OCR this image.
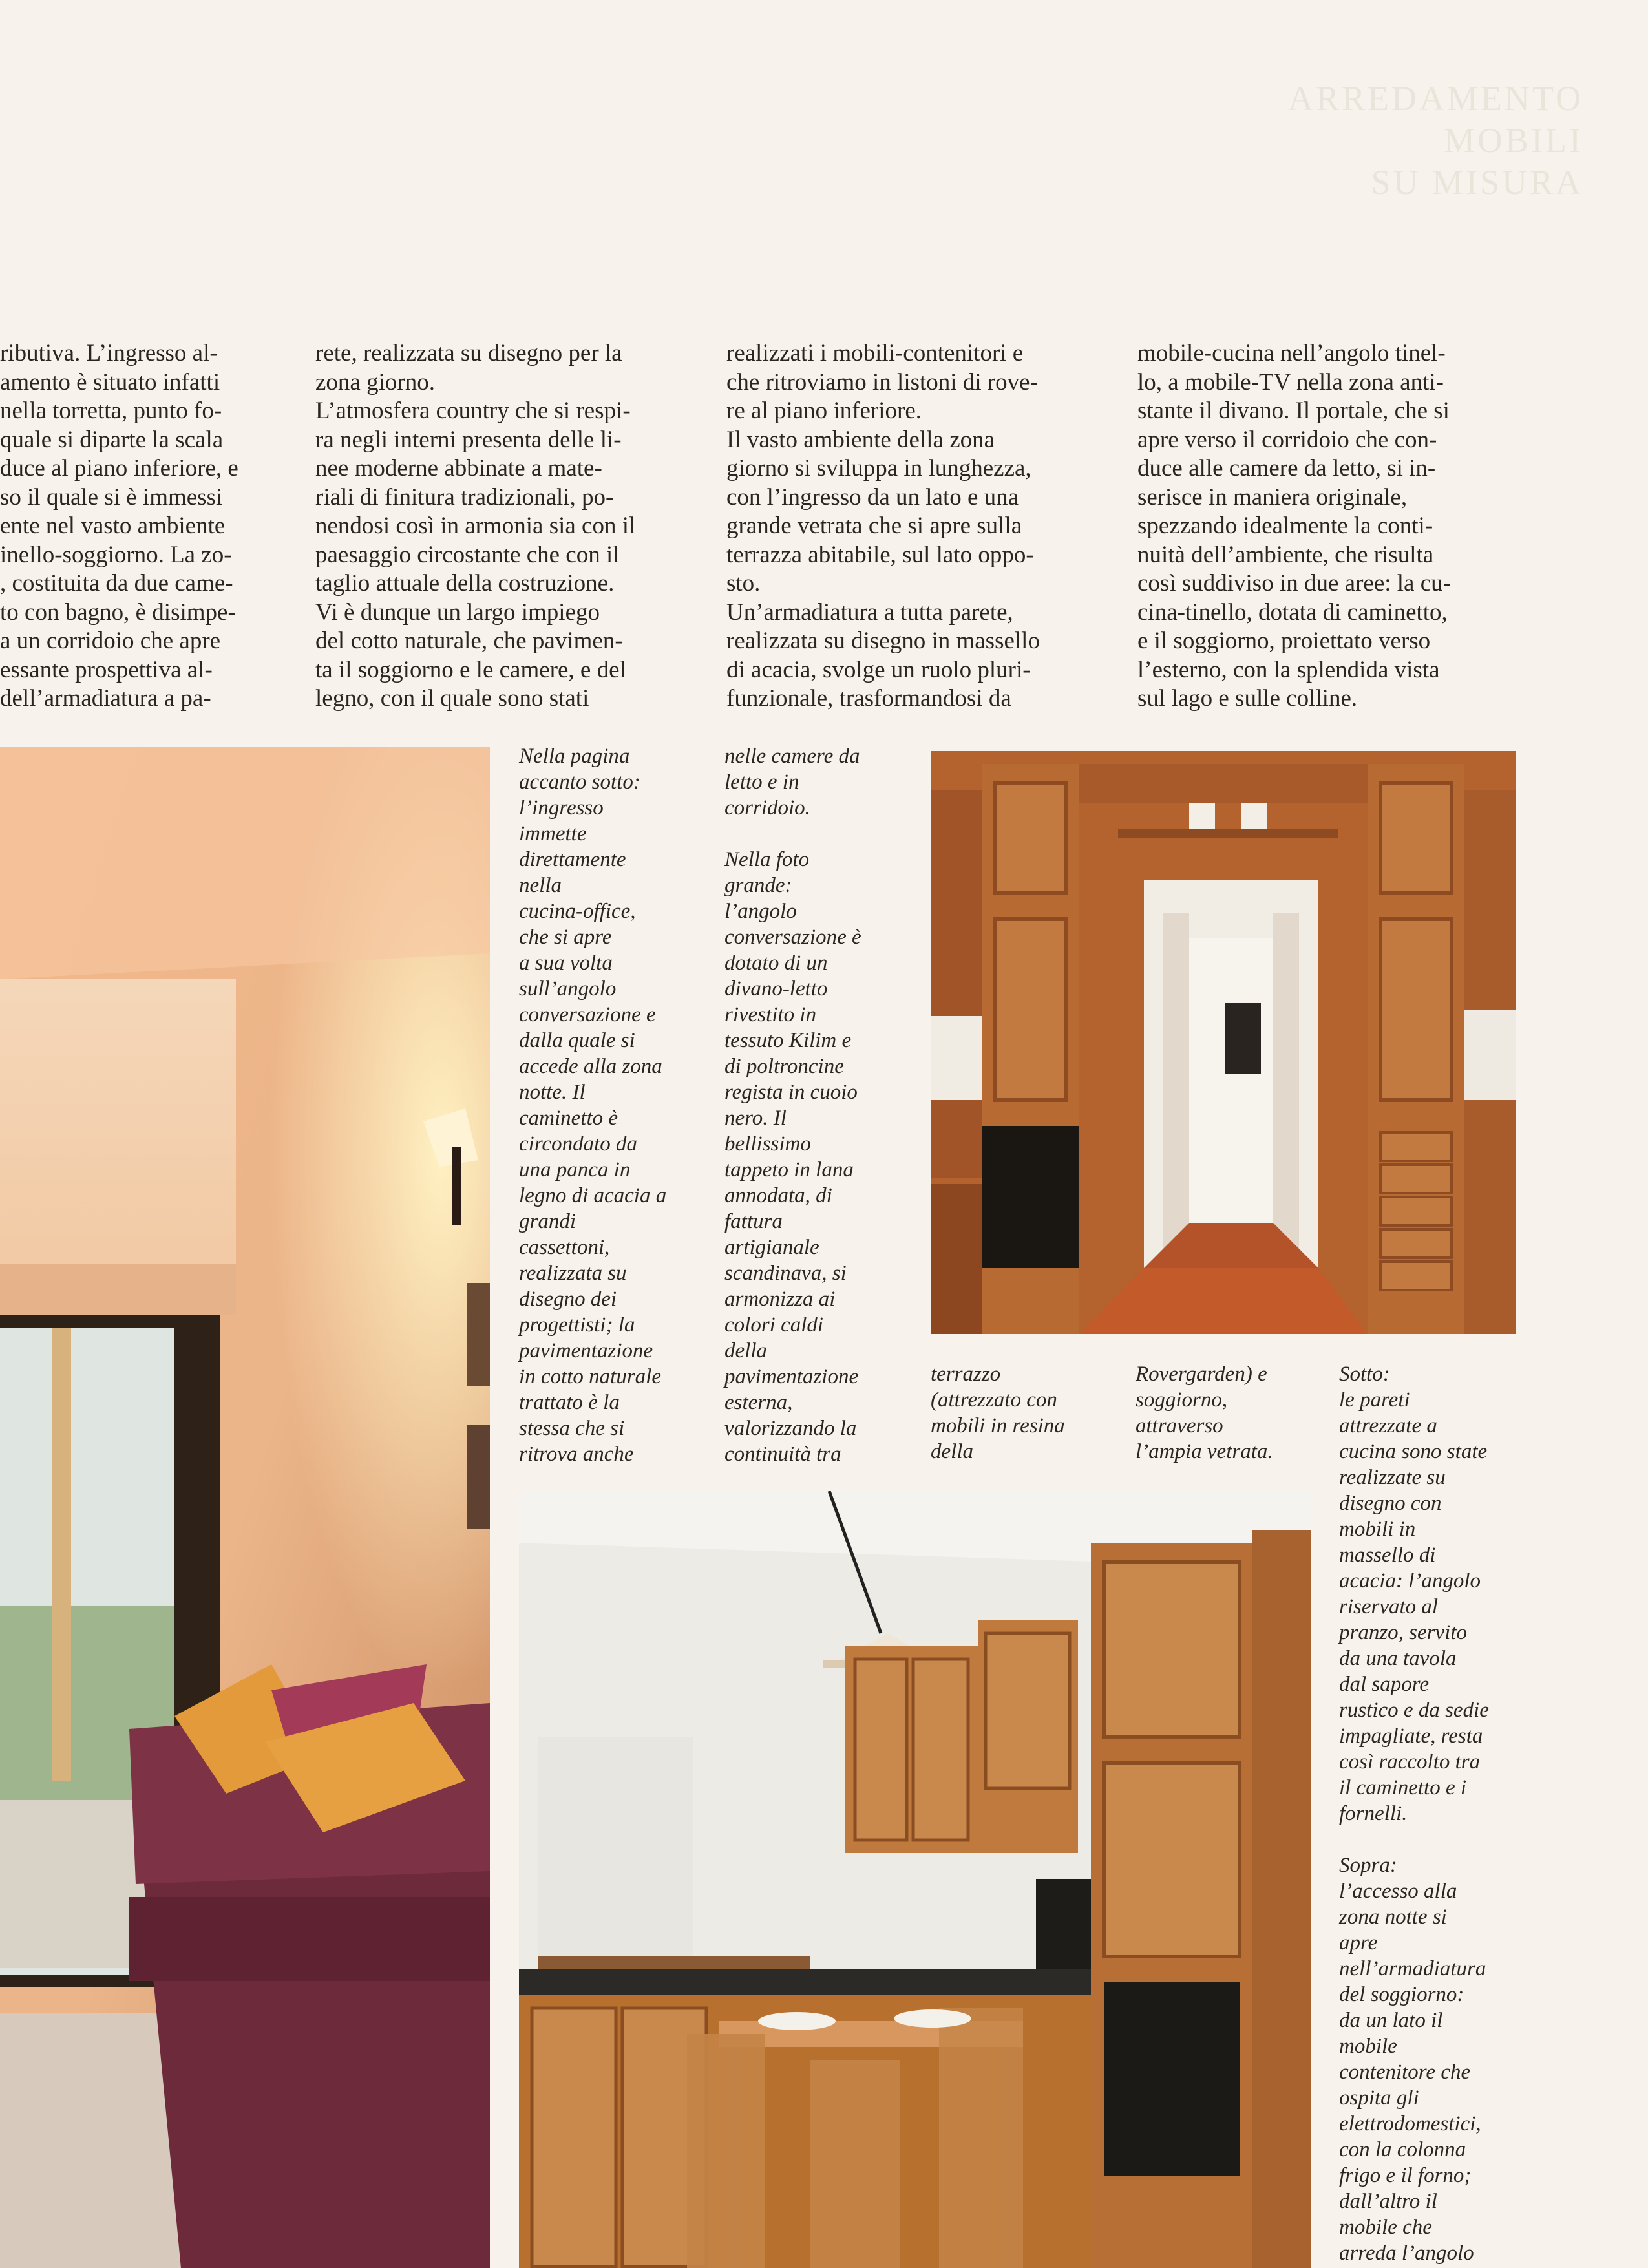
ARREDAMENTO
MOBILI
SU MISURA
ributiva. L’ingresso al-
amento è situato infatti
nella torretta, punto fo-
quale si diparte la scala
duce al piano inferiore, e
so il quale si è immessi
ente nel vasto ambiente
inello-soggiorno. La zo-
, costituita da due came-
to con bagno, è disimpe-
a un corridoio che apre
essante prospettiva al-
dell’armadiatura a pa-
rete, realizzata su disegno per la
zona giorno.
L’atmosfera country che si respi-
ra negli interni presenta delle li-
nee moderne abbinate a mate-
riali di finitura tradizionali, po-
nendosi così in armonia sia con il
paesaggio circostante che con il
taglio attuale della costruzione.
Vi è dunque un largo impiego
del cotto naturale, che pavimen-
ta il soggiorno e le camere, e del
legno, con il quale sono stati
realizzati i mobili-contenitori e
che ritroviamo in listoni di rove-
re al piano inferiore.
Il vasto ambiente della zona
giorno si sviluppa in lunghezza,
con l’ingresso da un lato e una
grande vetrata che si apre sulla
terrazza abitabile, sul lato oppo-
sto.
Un’armadiatura a tutta parete,
realizzata su disegno in massello
di acacia, svolge un ruolo pluri-
funzionale, trasformandosi da
mobile-cucina nell’angolo tinel-
lo, a mobile-TV nella zona anti-
stante il divano. Il portale, che si
apre verso il corridoio che con-
duce alle camere da letto, si in-
serisce in maniera originale,
spezzando idealmente la conti-
nuità dell’ambiente, che risulta
così suddiviso in due aree: la cu-
cina-tinello, dotata di caminetto,
e il soggiorno, proiettato verso
l’esterno, con la splendida vista
sul lago e sulle colline.
Nella pagina
accanto sotto:
l’ingresso
immette
direttamente
nella
cucina-office,
che si apre
a sua volta
sull’angolo
conversazione e
dalla quale si
accede alla zona
notte. Il
caminetto è
circondato da
una panca in
legno di acacia a
grandi
cassettoni,
realizzata su
disegno dei
progettisti; la
pavimentazione
in cotto naturale
trattato è la
stessa che si
ritrova anche
nelle camere da
letto e in
corridoio.

Nella foto
grande:
l’angolo
conversazione è
dotato di un
divano-letto
rivestito in
tessuto Kilim e
di poltroncine
regista in cuoio
nero. Il
bellissimo
tappeto in lana
annodata, di
fattura
artigianale
scandinava, si
armonizza ai
colori caldi
della
pavimentazione
esterna,
valorizzando la
continuità tra
terrazzo
(attrezzato con
mobili in resina
della
Rovergarden) e
soggiorno,
attraverso
l’ampia vetrata.
Sotto:
le pareti
attrezzate a
cucina sono state
realizzate su
disegno con
mobili in
massello di
acacia: l’angolo
riservato al
pranzo, servito
da una tavola
dal sapore
rustico e da sedie
impagliate, resta
così raccolto tra
il caminetto e i
fornelli.

Sopra:
l’accesso alla
zona notte si
apre
nell’armadiatura
del soggiorno:
da un lato il
mobile
contenitore che
ospita gli
elettrodomestici,
con la colonna
frigo e il forno;
dall’altro il
mobile che
arreda l’angolo
